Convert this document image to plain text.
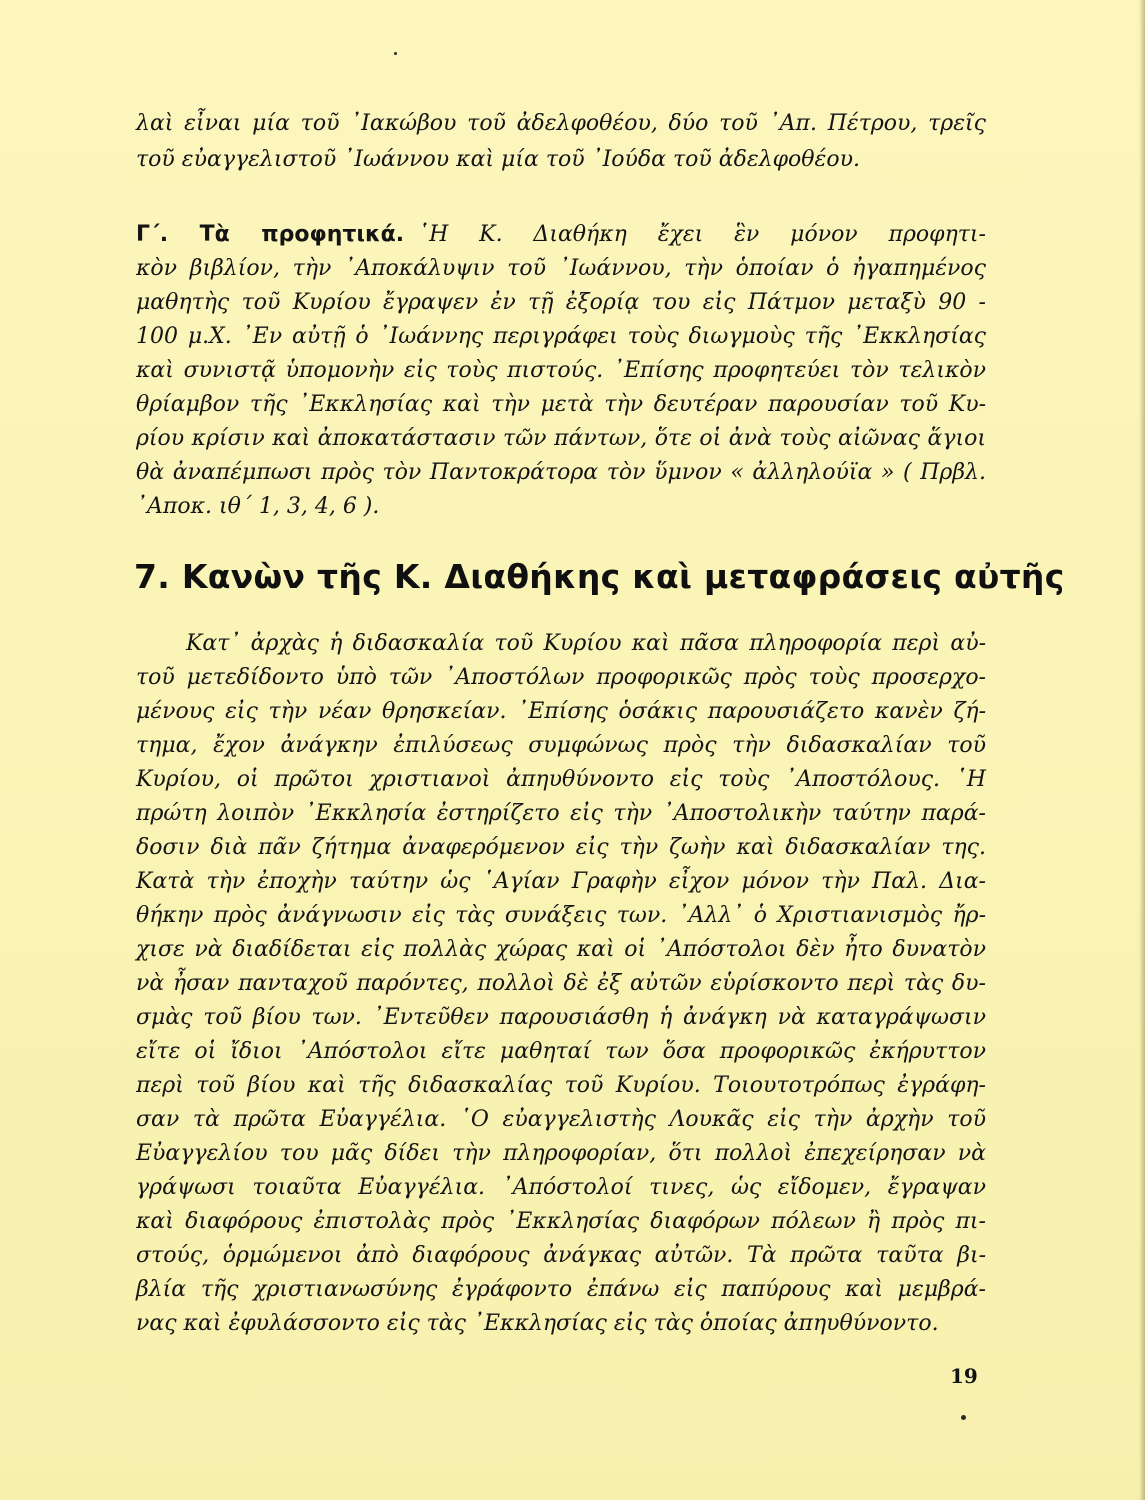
λαὶ εἶναι μία τοῦ ᾿Ιακώβου τοῦ ἀδελφοθέου, δύο τοῦ ᾿Απ. Πέτρου, τρεῖς
τοῦ εὐαγγελιστοῦ ᾿Ιωάννου καὶ μία τοῦ ᾿Ιούδα τοῦ ἀδελφοθέου.
Γ΄. Τὰ προφητικά. ῾Η Κ. Διαθήκη ἔχει ἓν μόνον προφητι-
κὸν βιβλίον, τὴν ᾿Αποκάλυψιν τοῦ ᾿Ιωάννου, τὴν ὁποίαν ὁ ἠγαπημένος
μαθητὴς τοῦ Κυρίου ἔγραψεν ἐν τῇ ἐξορίᾳ του εἰς Πάτμον μεταξὺ 90 -
100 μ.Χ. ᾿Εν αὐτῇ ὁ ᾿Ιωάννης περιγράφει τοὺς διωγμοὺς τῆς ᾿Εκκλησίας
καὶ συνιστᾷ ὑπομονὴν εἰς τοὺς πιστούς. ᾿Επίσης προφητεύει τὸν τελικὸν
θρίαμβον τῆς ᾿Εκκλησίας καὶ τὴν μετὰ τὴν δευτέραν παρουσίαν τοῦ Κυ-
ρίου κρίσιν καὶ ἀποκατάστασιν τῶν πάντων, ὅτε οἱ ἀνὰ τοὺς αἰῶνας ἅγιοι
θὰ ἀναπέμπωσι πρὸς τὸν Παντοκράτορα τὸν ὕμνον « ἀλληλούϊα » ( Πρβλ.
᾿Αποκ. ιθ΄ 1, 3, 4, 6 ).
7. Κανὼν τῆς Κ. Διαθήκης καὶ μεταφράσεις αὐτῆς
Κατ᾿ ἀρχὰς ἡ διδασκαλία τοῦ Κυρίου καὶ πᾶσα πληροφορία περὶ αὐ-
τοῦ μετεδίδοντο ὑπὸ τῶν ᾿Αποστόλων προφορικῶς πρὸς τοὺς προσερχο-
μένους εἰς τὴν νέαν θρησκείαν. ᾿Επίσης ὁσάκις παρουσιάζετο κανὲν ζή-
τημα, ἔχον ἀνάγκην ἐπιλύσεως συμφώνως πρὸς τὴν διδασκαλίαν τοῦ
Κυρίου, οἱ πρῶτοι χριστιανοὶ ἀπηυθύνοντο εἰς τοὺς ᾿Αποστόλους. ῾Η
πρώτη λοιπὸν ᾿Εκκλησία ἐστηρίζετο εἰς τὴν ᾿Αποστολικὴν ταύτην παρά-
δοσιν διὰ πᾶν ζήτημα ἀναφερόμενον εἰς τὴν ζωὴν καὶ διδασκαλίαν της.
Κατὰ τὴν ἐποχὴν ταύτην ὡς ῾Αγίαν Γραφὴν εἶχον μόνον τὴν Παλ. Δια-
θήκην πρὸς ἀνάγνωσιν εἰς τὰς συνάξεις των. ᾿Αλλ᾿ ὁ Χριστιανισμὸς ἤρ-
χισε νὰ διαδίδεται εἰς πολλὰς χώρας καὶ οἱ ᾿Απόστολοι δὲν ἦτο δυνατὸν
νὰ ἦσαν πανταχοῦ παρόντες, πολλοὶ δὲ ἐξ αὐτῶν εὑρίσκοντο περὶ τὰς δυ-
σμὰς τοῦ βίου των. ᾿Εντεῦθεν παρουσιάσθη ἡ ἀνάγκη νὰ καταγράψωσιν
εἴτε οἱ ἴδιοι ᾿Απόστολοι εἴτε μαθηταί των ὅσα προφορικῶς ἐκήρυττον
περὶ τοῦ βίου καὶ τῆς διδασκαλίας τοῦ Κυρίου. Τοιουτοτρόπως ἐγράφη-
σαν τὰ πρῶτα Εὐαγγέλια. ῾Ο εὐαγγελιστὴς Λουκᾶς εἰς τὴν ἀρχὴν τοῦ
Εὐαγγελίου του μᾶς δίδει τὴν πληροφορίαν, ὅτι πολλοὶ ἐπεχείρησαν νὰ
γράψωσι τοιαῦτα Εὐαγγέλια. ᾿Απόστολοί τινες, ὡς εἴδομεν, ἔγραψαν
καὶ διαφόρους ἐπιστολὰς πρὸς ᾿Εκκλησίας διαφόρων πόλεων ἢ πρὸς πι-
στούς, ὁρμώμενοι ἀπὸ διαφόρους ἀνάγκας αὐτῶν. Τὰ πρῶτα ταῦτα βι-
βλία τῆς χριστιανωσύνης ἐγράφοντο ἐπάνω εἰς παπύρους καὶ μεμβρά-
νας καὶ ἐφυλάσσοντο εἰς τὰς ᾿Εκκλησίας εἰς τὰς ὁποίας ἀπηυθύνοντο.
19
